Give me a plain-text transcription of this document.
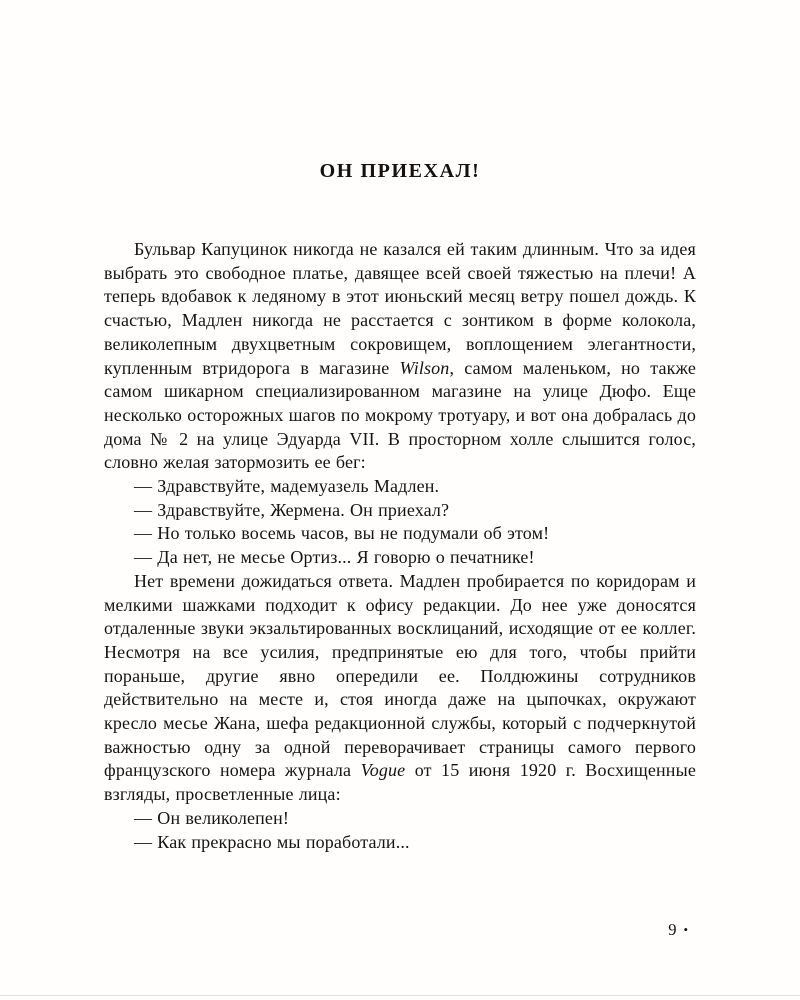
ОН ПРИЕХАЛ!

Бульвар Капуцинок никогда не казался ей таким длинным. Что за идея выбрать это свободное платье, давящее всей своей тяжестью на плечи! А теперь вдобавок к ледяному в этот июньский месяц ветру пошел дождь. К счастью, Мадлен никогда не расстается с зонтиком в форме колокола, великолепным двухцветным сокровищем, воплощением элегантности, купленным втридорога в магазине Wilson, самом маленьком, но также самом шикарном специализированном магазине на улице Дюфо. Еще несколько осторожных шагов по мокрому тротуару, и вот она добралась до дома № 2 на улице Эдуарда VII. В просторном холле слышится голос, словно желая затормозить ее бег:

— Здравствуйте, мадемуазель Мадлен.

— Здравствуйте, Жермена. Он приехал?

— Но только восемь часов, вы не подумали об этом!

— Да нет, не месье Ортиз... Я говорю о печатнике!

Нет времени дожидаться ответа. Мадлен пробирается по коридорам и мелкими шажками подходит к офису редакции. До нее уже доносятся отдаленные звуки экзальтированных восклицаний, исходящие от ее коллег. Несмотря на все усилия, предпринятые ею для того, чтобы прийти пораньше, другие явно опередили ее. Полдюжины сотрудников действительно на месте и, стоя иногда даже на цыпочках, окружают кресло месье Жана, шефа редакционной службы, который с подчеркнутой важностью одну за одной переворачивает страницы самого первого французского номера журнала Vogue от 15 июня 1920 г. Восхищенные взгляды, просветленные лица:

— Он великолепен!

— Как прекрасно мы поработали...

9 •
